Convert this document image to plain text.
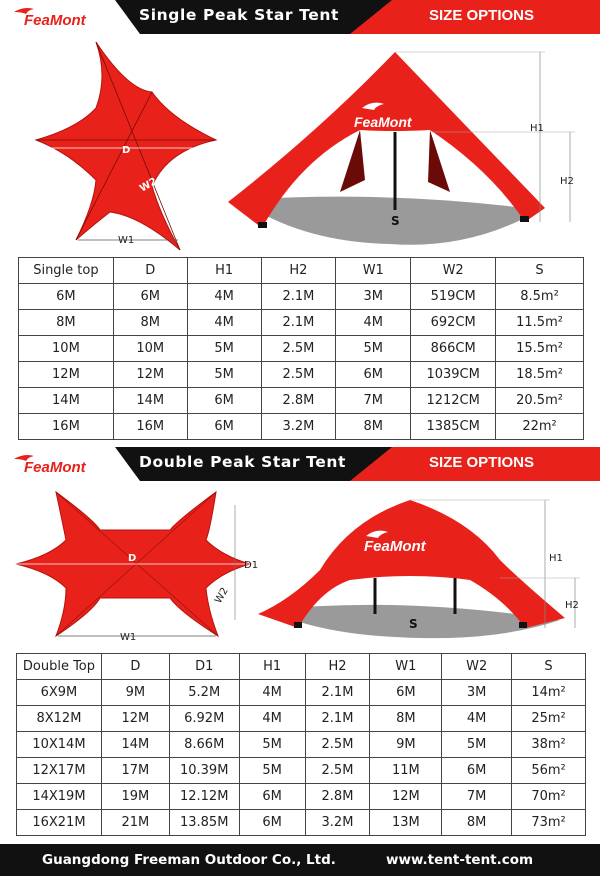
FeaMont	Single Peak Star Tent	SIZE OPTIONS
D
W2
W1
FeaMont
S
H1
H2
Single top	D	H1	H2	W1	W2	S
6M	6M	4M	2.1M	3M	519CM	8.5m²
8M	8M	4M	2.1M	4M	692CM	11.5m²
10M	10M	5M	2.5M	5M	866CM	15.5m²
12M	12M	5M	2.5M	6M	1039CM	18.5m²
14M	14M	6M	2.8M	7M	1212CM	20.5m²
16M	16M	6M	3.2M	8M	1385CM	22m²
FeaMont	Double Peak Star Tent	SIZE OPTIONS
D
D1
W2
W1
FeaMont
S
H1
H2
Double Top	D	D1	H1	H2	W1	W2	S
6X9M	9M	5.2M	4M	2.1M	6M	3M	14m²
8X12M	12M	6.92M	4M	2.1M	8M	4M	25m²
10X14M	14M	8.66M	5M	2.5M	9M	5M	38m²
12X17M	17M	10.39M	5M	2.5M	11M	6M	56m²
14X19M	19M	12.12M	6M	2.8M	12M	7M	70m²
16X21M	21M	13.85M	6M	3.2M	13M	8M	73m²
Guangdong Freeman Outdoor Co., Ltd.	www.tent-tent.com
